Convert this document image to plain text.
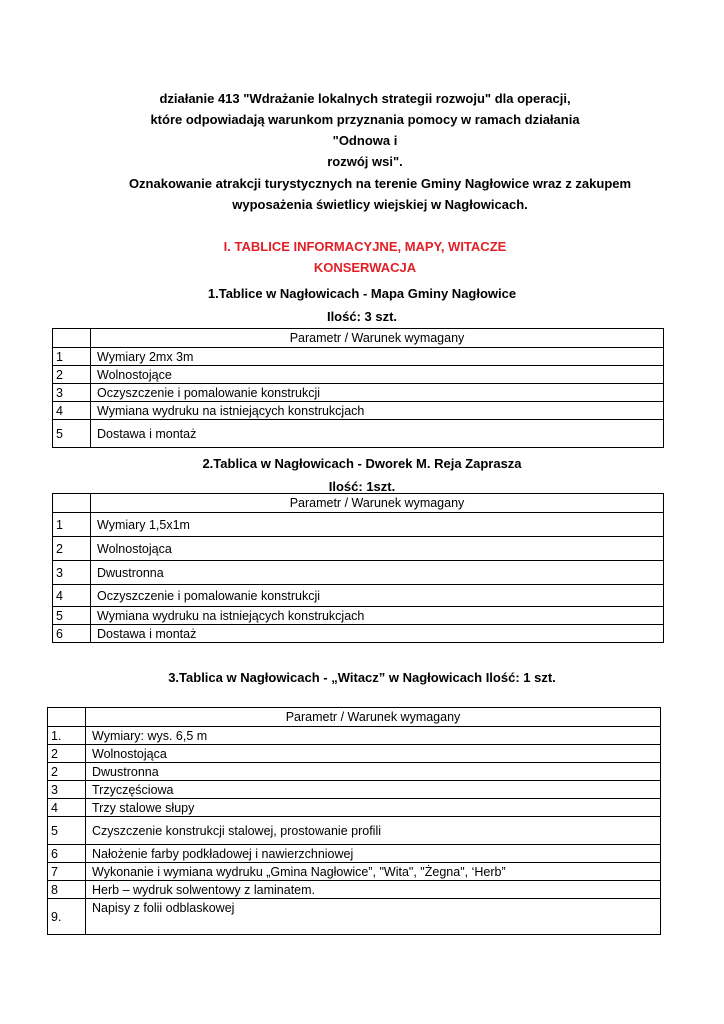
działanie 413 "Wdrażanie lokalnych strategii rozwoju" dla operacji,
które odpowiadają warunkom przyznania pomocy w ramach działania "Odnowa i
rozwój wsi".
Oznakowanie atrakcji turystycznych na terenie Gminy Nagłowice wraz z zakupem
wyposażenia świetlicy wiejskiej w Nagłowicach.
I. TABLICE INFORMACYJNE, MAPY, WITACZE
KONSERWACJA
1.Tablice w Nagłowicach - Mapa Gminy Nagłowice
Ilość: 3 szt.
	Parametr / Warunek wymagany
1	Wymiary 2mx 3m
2	Wolnostojące
3	Oczyszczenie i pomalowanie konstrukcji
4	Wymiana wydruku na istniejących konstrukcjach
5	Dostawa i montaż
2.Tablica w Nagłowicach - Dworek M. Reja Zaprasza
Ilość: 1szt.
	Parametr / Warunek wymagany
1	Wymiary 1,5x1m
2	Wolnostojąca
3	Dwustronna
4	Oczyszczenie i pomalowanie konstrukcji
5	Wymiana wydruku na istniejących konstrukcjach
6	Dostawa i montaż
3.Tablica w Nagłowicach - „Witacz” w Nagłowicach Ilość: 1 szt.
	Parametr / Warunek wymagany
1.	Wymiary: wys. 6,5 m
2	Wolnostojąca
2	Dwustronna
3	Trzyczęściowa
4	Trzy stalowe słupy
5	Czyszczenie konstrukcji stalowej, prostowanie profili
6	Nałożenie farby podkładowej i nawierzchniowej
7	Wykonanie i wymiana wydruku „Gmina Nagłowice”, "Wita", "Żegna", ‘Herb”
8	Herb – wydruk solwentowy z laminatem.
9.	Napisy z folii odblaskowej
